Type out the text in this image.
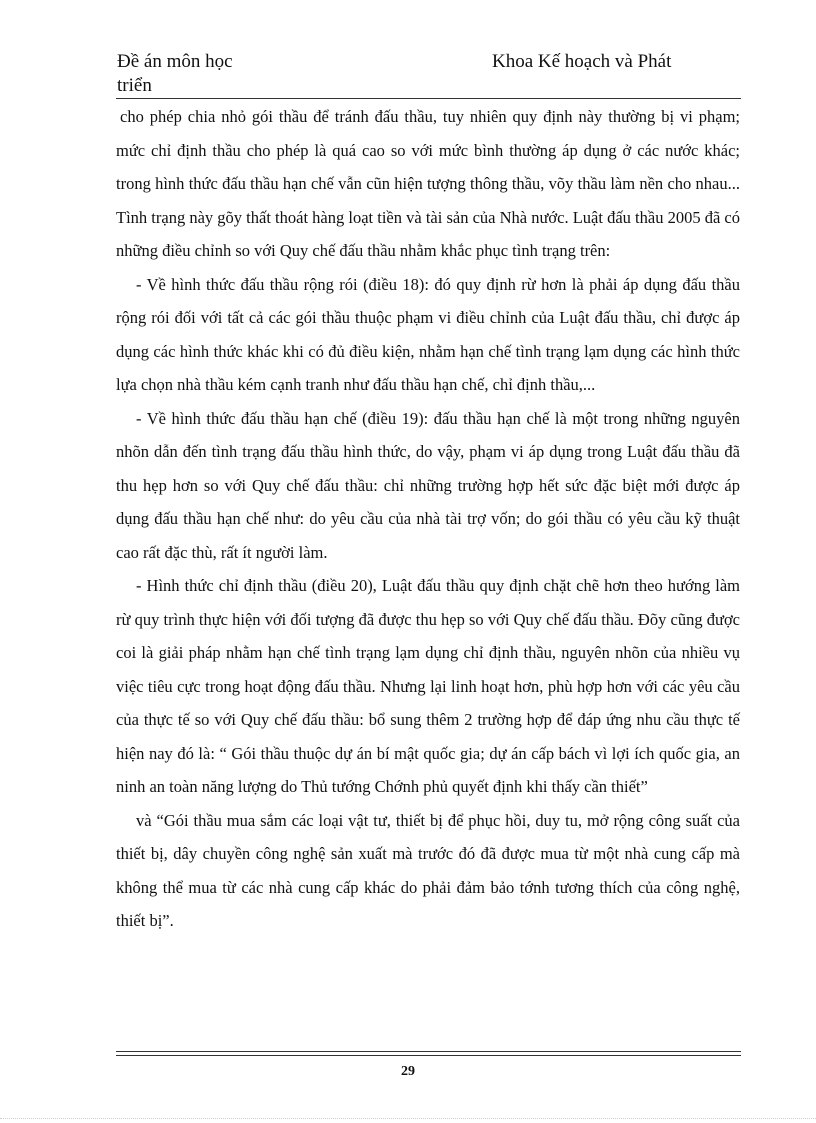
Đề án môn học
triển
Khoa Kế hoạch và Phát

cho phép chia nhỏ gói thầu để tránh đấu thầu, tuy nhiên quy định này thường bị vi phạm; mức chỉ định thầu cho phép là quá cao so với mức bình thường áp dụng ở các nước khác; trong hình thức đấu thầu hạn chế vẫn cũn hiện tượng thông thầu, võy thầu làm nền cho nhau... Tình trạng này gõy thất thoát hàng loạt tiền và tài sản của Nhà nước. Luật đấu thầu 2005 đã có những điều chỉnh so với Quy chế đấu thầu nhằm khắc phục tình trạng trên:

- Về hình thức đấu thầu rộng rói (điều 18): đó quy định rừ hơn là phải áp dụng đấu thầu rộng rói đối với tất cả các gói thầu thuộc phạm vi điều chỉnh của Luật đấu thầu, chỉ được áp dụng các hình thức khác khi có đủ điều kiện, nhằm hạn chế tình trạng lạm dụng các hình thức lựa chọn nhà thầu kém cạnh tranh như đấu thầu hạn chế, chỉ định thầu,...

- Về hình thức đấu thầu hạn chế (điều 19): đấu thầu hạn chế là một trong những nguyên nhõn dẫn đến tình trạng đấu thầu hình thức, do vậy, phạm vi áp dụng trong Luật đấu thầu đã thu hẹp hơn so với Quy chế đấu thầu: chỉ những trường hợp hết sức đặc biệt mới được áp dụng đấu thầu hạn chế như: do yêu cầu của nhà tài trợ vốn; do gói thầu có yêu cầu kỹ thuật cao rất đặc thù, rất ít người làm.

- Hình thức chỉ định thầu (điều 20), Luật đấu thầu quy định chặt chẽ hơn theo hướng làm rừ quy trình thực hiện với đối tượng đã được thu hẹp so với Quy chế đấu thầu. Đõy cũng được coi là giải pháp nhằm hạn chế tình trạng lạm dụng chỉ định thầu, nguyên nhõn của nhiều vụ việc tiêu cực trong hoạt động đấu thầu. Nhưng lại linh hoạt hơn, phù hợp hơn với các yêu cầu của thực tế so với Quy chế đấu thầu: bổ sung thêm 2 trường hợp để đáp ứng nhu cầu thực tế hiện nay đó là: “ Gói thầu thuộc dự án bí mật quốc gia; dự án cấp bách vì lợi ích quốc gia, an ninh an toàn năng lượng do Thủ tướng Chớnh phủ quyết định khi thấy cần thiết”

và “Gói thầu mua sắm các loại vật tư, thiết bị để phục hồi, duy tu, mở rộng công suất của thiết bị, dây chuyền công nghệ sản xuất mà trước đó đã được mua từ một nhà cung cấp mà không thể mua từ các nhà cung cấp khác do phải đảm bảo tớnh tương thích của công nghệ, thiết bị”.

29
